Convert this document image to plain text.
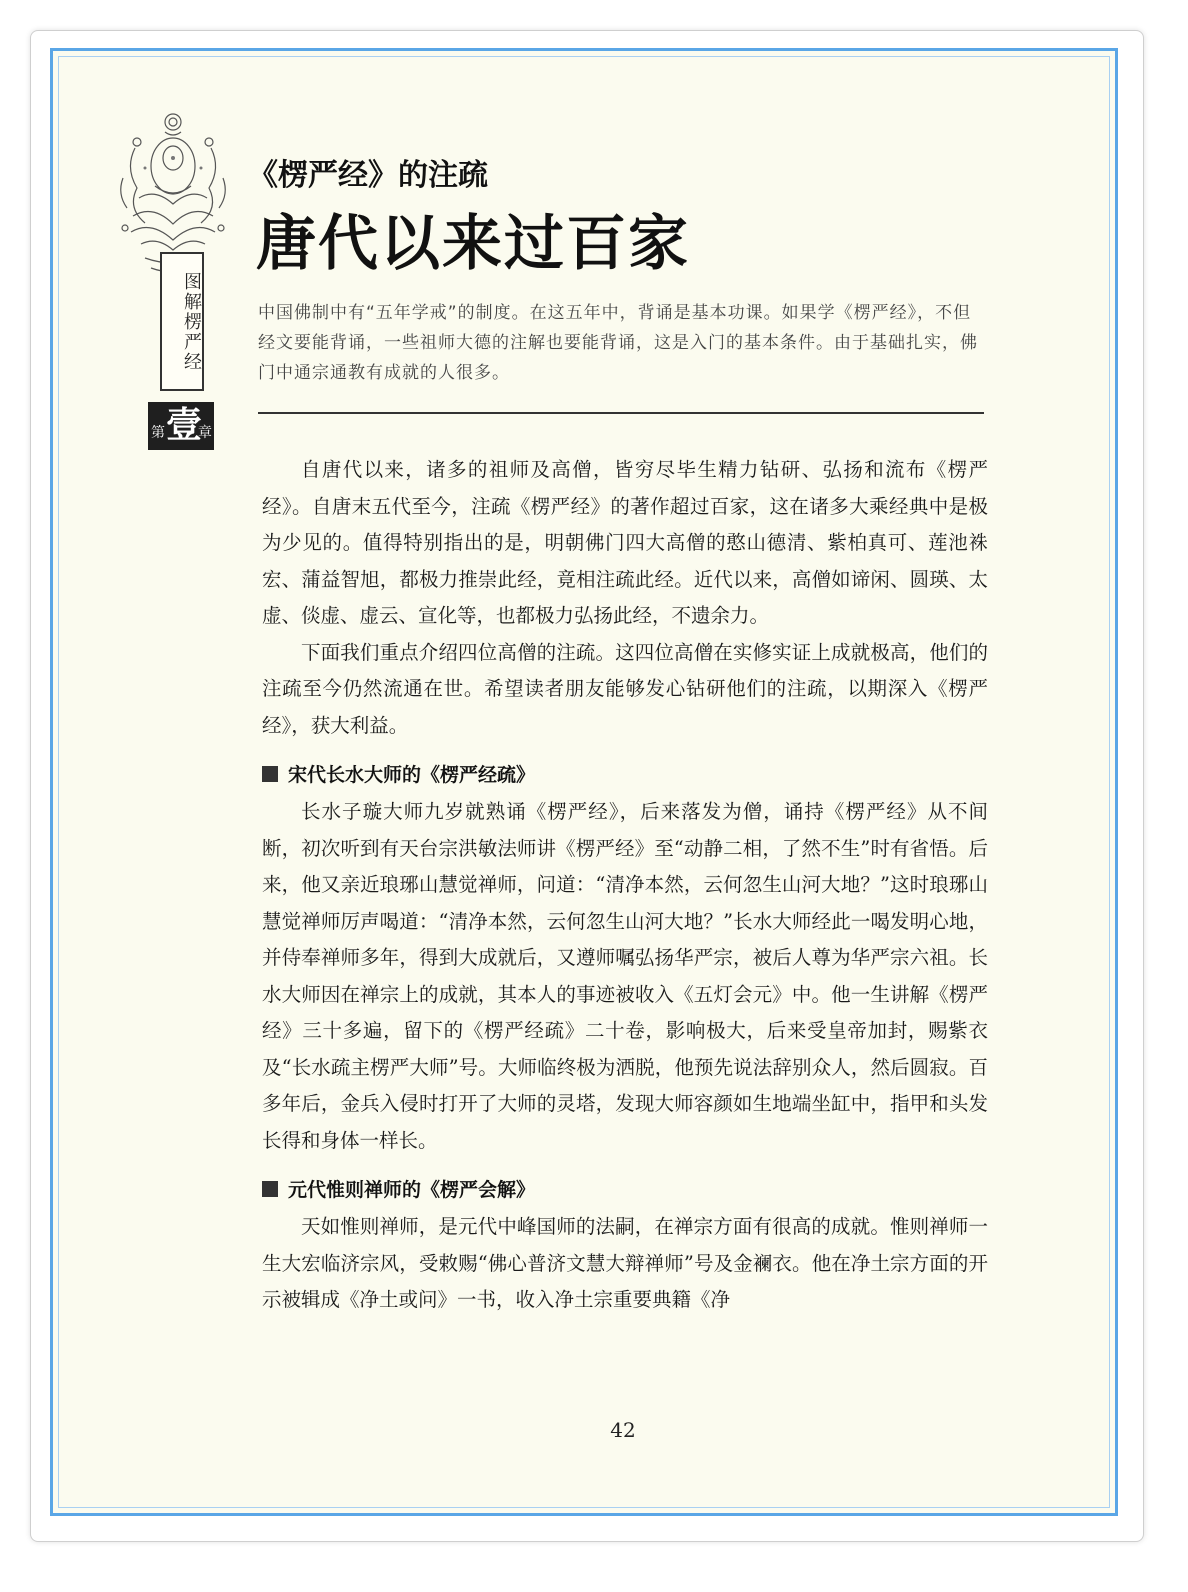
图解楞严经
第 壹
章
《楞严经》的注疏
唐代以来过百家
中国佛制中有“五年学戒”的制度。在这五年中，背诵是基本功课。如果学《楞严经》，不但经文要能背诵，一些祖师大德的注解也要能背诵，这是入门的基本条件。由于基础扎实，佛门中通宗通教有成就的人很多。

自唐代以来，诸多的祖师及高僧，皆穷尽毕生精力钻研、弘扬和流布《楞严经》。自唐末五代至今，注疏《楞严经》的著作超过百家，这在诸多大乘经典中是极为少见的。值得特别指出的是，明朝佛门四大高僧的憨山德清、紫柏真可、莲池袾宏、蒲益智旭，都极力推崇此经，竟相注疏此经。近代以来，高僧如谛闲、圆瑛、太虚、倓虚、虚云、宣化等，也都极力弘扬此经，不遗余力。

下面我们重点介绍四位高僧的注疏。这四位高僧在实修实证上成就极高，他们的注疏至今仍然流通在世。希望读者朋友能够发心钻研他们的注疏，以期深入《楞严经》，获大利益。

宋代长水大师的《楞严经疏》

长水子璇大师九岁就熟诵《楞严经》，后来落发为僧，诵持《楞严经》从不间断，初次听到有天台宗洪敏法师讲《楞严经》至“动静二相，了然不生”时有省悟。后来，他又亲近琅琊山慧觉禅师，问道：“清净本然，云何忽生山河大地？”这时琅琊山慧觉禅师厉声喝道：“清净本然，云何忽生山河大地？”长水大师经此一喝发明心地，并侍奉禅师多年，得到大成就后，又遵师嘱弘扬华严宗，被后人尊为华严宗六祖。长水大师因在禅宗上的成就，其本人的事迹被收入《五灯会元》中。他一生讲解《楞严经》三十多遍，留下的《楞严经疏》二十卷，影响极大，后来受皇帝加封，赐紫衣及“长水疏主楞严大师”号。大师临终极为洒脱，他预先说法辞别众人，然后圆寂。百多年后，金兵入侵时打开了大师的灵塔，发现大师容颜如生地端坐缸中，指甲和头发长得和身体一样长。

元代惟则禅师的《楞严会解》

天如惟则禅师，是元代中峰国师的法嗣，在禅宗方面有很高的成就。惟则禅师一生大宏临济宗风，受敕赐“佛心普济文慧大辩禅师”号及金襕衣。他在净土宗方面的开示被辑成《净土或问》一书，收入净土宗重要典籍《净

42
